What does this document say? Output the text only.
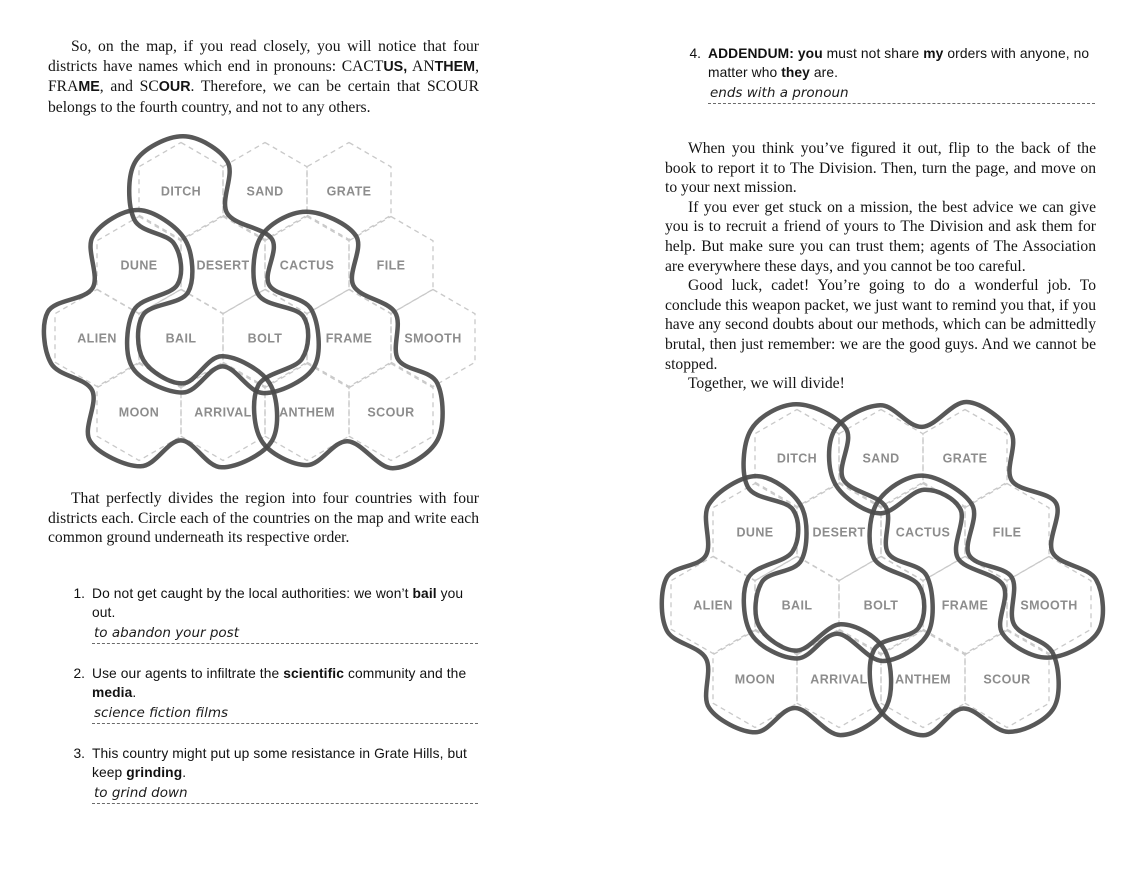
So, on the map, if you read closely, you will notice that four districts have names which end in pronouns: CACTUS, ANTHEM, FRAME, and SCOUR. Therefore, we can be certain that SCOUR belongs to the fourth country, and not to any others.

DITCH	SAND	GRATE
DUNE	DESERT CACTUS	FILE
ALIEN	BAIL	BOLT	FRAME	SMOOTH
MOON	ARRIVAL ANTHEM	SCOUR

That perfectly divides the region into four countries with four districts each. Circle each of the countries on the map and write each common ground underneath its respective order.

1. Do not get caught by the local authorities: we won’t bail you out.

to abandon your post
2. Use our agents to infiltrate the scientific community and the media.

science fiction films
3. This country might put up some resistance in Grate Hills, but keep grinding.

to grind down
4. ADDENDUM: you must not share my orders with anyone, no matter who they are.

ends with a pronoun

When you think you’ve figured it out, flip to the back of the book to report it to The Division. Then, turn the page, and move on to your next mission.

If you ever get stuck on a mission, the best advice we can give you is to recruit a friend of yours to The Division and ask them for help. But make sure you can trust them; agents of The Association are everywhere these days, and you cannot be too careful.

Good luck, cadet! You’re going to do a wonderful job. To conclude this weapon packet, we just want to remind you that, if you have any second doubts about our methods, which can be admittedly brutal, then just remember: we are the good guys. And we cannot be stopped.

Together, we will divide!

DITCH	SAND	GRATE
DUNE	DESERT CACTUS	FILE
ALIEN	BAIL	BOLT	FRAME	SMOOTH
MOON	ARRIVAL ANTHEM	SCOUR
